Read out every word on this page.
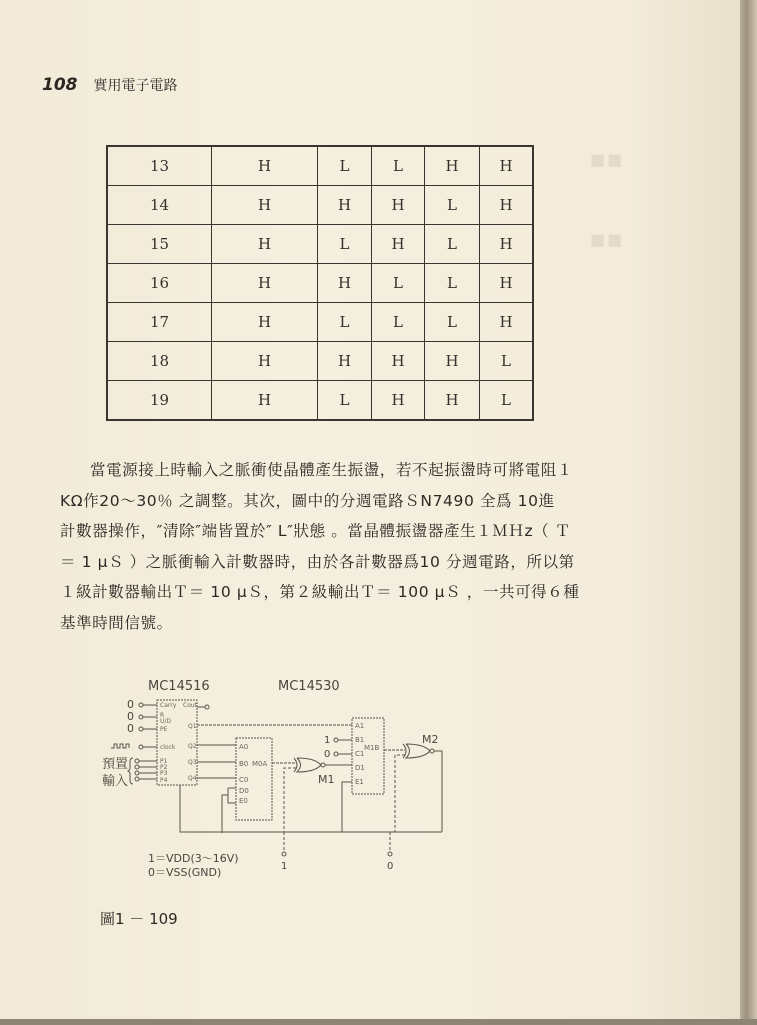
■■
■■
108 實用電子電路
13	H	L	L	H	H
14	H	H	H	L	H
15	H	L	H	L	H
16	H	H	L	L	H
17	H	L	L	L	H
18	H	H	H	H	L
19	H	L	H	H	L
當電源接上時輸入之脈衝使晶體產生振盪，若不起振盪時可將電阻１
KΩ作20～30％ 之調整。其次，圖中的分週電路ＳN7490 全爲 10進
計數器操作，″清除″端皆置於″ L″狀態 。當晶體振盪器產生１ＭＨz（ Ｔ
＝ 1 μＳ ）之脈衝輸入計數器時，由於各計數器爲10 分週電路，所以第
１級計數器輸出Ｔ＝ 10 μＳ，第２級輸出Ｔ＝ 100 μＳ ，一共可得６種
基準時間信號。
MC14516	MC14530
0
0
0
預置
輸入
Carry
R
U/D
PE
clock
P1
P2
P3
P4
Cout
Q1
Q2
Q3
Q4
A0
B0
C0
D0
E0
M0A
M1
A1
B1
C1
D1
E1
M1B
1
0
M2
1	0
1＝VDD(3～16V)
0＝VSS(GND)
圖1 － 109
